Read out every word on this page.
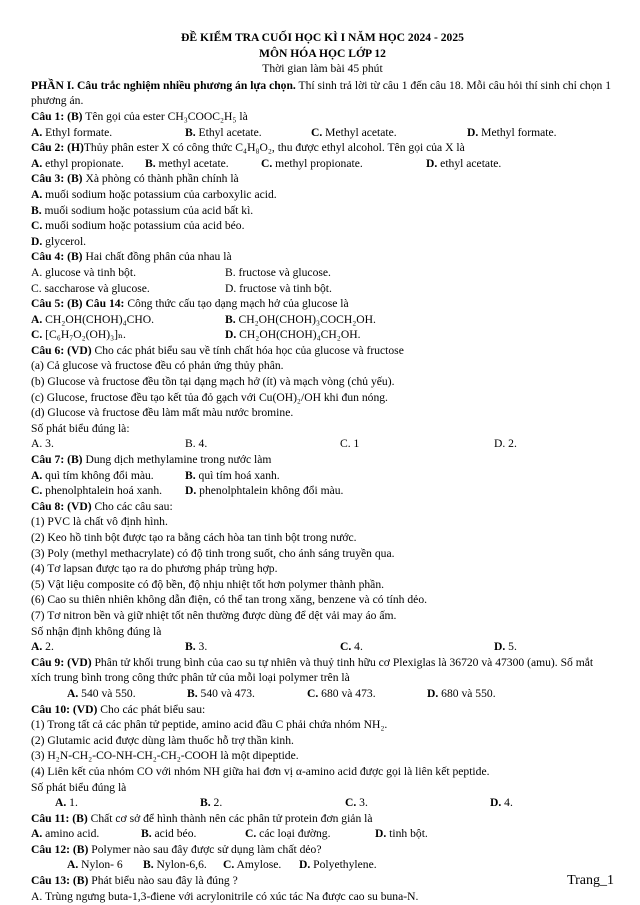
ĐỀ KIỂM TRA CUỐI HỌC KÌ I NĂM HỌC 2024 - 2025
MÔN HÓA HỌC LỚP 12
Thời gian làm bài 45 phút
PHẦN I. Câu trắc nghiệm nhiều phương án lựa chọn. Thí sinh trả lời từ câu 1 đến câu 18. Mỗi câu hỏi thí sinh chỉ chọn 1 phương án.
Câu 1: (B) Tên gọi của ester CH₃COOC₂H₅ là
A. Ethyl formate.	B. Ethyl acetate.	C. Methyl acetate.	D. Methyl formate.
Câu 2: (H)Thủy phân ester X có công thức C₄H₈O₂, thu được ethyl alcohol. Tên gọi của X là
A. ethyl propionate.	B. methyl acetate.	C. methyl propionate.	D. ethyl acetate.
Câu 3: (B) Xà phòng có thành phần chính là
A. muối sodium hoặc potassium của carboxylic acid.
B. muối sodium hoặc potassium của acid bất kì.
C. muối sodium hoặc potassium của acid béo.
D. glycerol.
Câu 4: (B) Hai chất đồng phân của nhau là
A. glucose và tinh bột.	B. fructose và glucose.
C. saccharose và glucose.	D. fructose và tinh bột.
Câu 5: (B) Câu 14: Công thức cấu tạo dạng mạch hở của glucose là
A. CH₂OH(CHOH)₄CHO.	B. CH₂OH(CHOH)₃COCH₂OH.
C. [C₆H₇O₂(OH)₃]ₙ.	D. CH₂OH(CHOH)₄CH₂OH.
Câu 6: (VD) Cho các phát biểu sau về tính chất hóa học của glucose và fructose
(a) Cả glucose và fructose đều có phản ứng thủy phân.
(b) Glucose và fructose đều tồn tại dạng mạch hở (ít) và mạch vòng (chủ yếu).
(c) Glucose, fructose đều tạo kết tủa đỏ gạch với Cu(OH)₂/OH khi đun nóng.
(d) Glucose và fructose đều làm mất màu nước bromine.
Số phát biểu đúng là:
A. 3.	B. 4.	C. 1	D. 2.
Câu 7: (B) Dung dịch methylamine trong nước làm
A. quì tím không đổi màu.	B. quì tím hoá xanh.
C. phenolphtalein hoá xanh.	D. phenolphtalein không đổi màu.
Câu 8: (VD) Cho các câu sau:
(1) PVC là chất vô định hình.
(2) Keo hồ tinh bột được tạo ra bằng cách hòa tan tinh bột trong nước.
(3) Poly (methyl methacrylate) có độ tinh trong suốt, cho ánh sáng truyền qua.
(4) Tơ lapsan được tạo ra do phương pháp trùng hợp.
(5) Vật liệu composite có độ bền, độ nhịu nhiệt tốt hơn polymer thành phần.
(6) Cao su thiên nhiên không dẫn điện, có thể tan trong xăng, benzene và có tính dẻo.
(7) Tơ nitron bền và giữ nhiệt tốt nên thường được dùng để dệt vải may áo ấm.
Số nhận định không đúng là
A. 2.	B. 3.	C. 4.	D. 5.
Câu 9: (VD) Phân tử khối trung bình của cao su tự nhiên và thuỷ tinh hữu cơ Plexiglas là 36720 và 47300 (amu). Số mắt xích trung bình trong công thức phân tử của mỗi loại polymer trên là
A. 540 và 550.	B. 540 và 473.	C. 680 và 473.	D. 680 và 550.
Câu 10: (VD) Cho các phát biểu sau:
(1) Trong tất cả các phân tử peptide, amino acid đầu C phải chứa nhóm NH₂.
(2) Glutamic acid được dùng làm thuốc hỗ trợ thần kinh.
(3) H₂N-CH₂-CO-NH-CH₂-CH₂-COOH là một dipeptide.
(4) Liên kết của nhóm CO với nhóm NH giữa hai đơn vị α-amino acid được gọi là liên kết peptide.
Số phát biểu đúng là
A. 1.	B. 2.	C. 3.	D. 4.
Câu 11: (B) Chất cơ sở để hình thành nên các phân tử protein đơn giản là
A. amino acid.	B. acid béo.	C. các loại đường.	D. tinh bột.
Câu 12: (B) Polymer nào sau đây được sử dụng làm chất dẻo?
A. Nylon- 6	B. Nylon-6,6.	C. Amylose.	D. Polyethylene.
Câu 13: (B) Phát biểu nào sau đây là đúng ?
A. Trùng ngưng buta-1,3-điene với acrylonitrile có xúc tác Na được cao su buna-N.
Trang_1
